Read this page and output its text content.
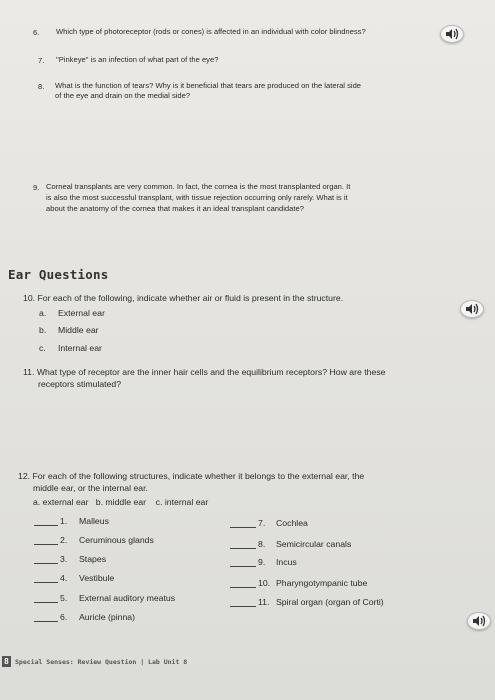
6. Which type of photoreceptor (rods or cones) is affected in an individual with color blindness?
7. "Pinkeye" is an infection of what part of the eye?
8. What is the function of tears? Why is it beneficial that tears are produced on the lateral side
of the eye and drain on the medial side?
9. Corneal transplants are very common. In fact, the cornea is the most transplanted organ. It
is also the most successful transplant, with tissue rejection occurring only rarely. What is it
about the anatomy of the cornea that makes it an ideal transplant candidate?
Ear Questions
10. For each of the following, indicate whether air or fluid is present in the structure.
a. External ear
b. Middle ear
c. Internal ear
11. What type of receptor are the inner hair cells and the equilibrium receptors? How are these
receptors stimulated?
12. For each of the following structures, indicate whether it belongs to the external ear, the
middle ear, or the internal ear.
a. external ear   b. middle ear    c. internal ear
1.	Malleus
2.	Ceruminous glands
3.	Stapes
4.	Vestibule
5.	External auditory meatus
6.	Auricle (pinna)
7.	Cochlea
8.	Semicircular canals
9.	Incus
10. Pharyngotympanic tube
11. Spiral organ (organ of Corti)
8 Special Senses: Review Question | Lab Unit 8
